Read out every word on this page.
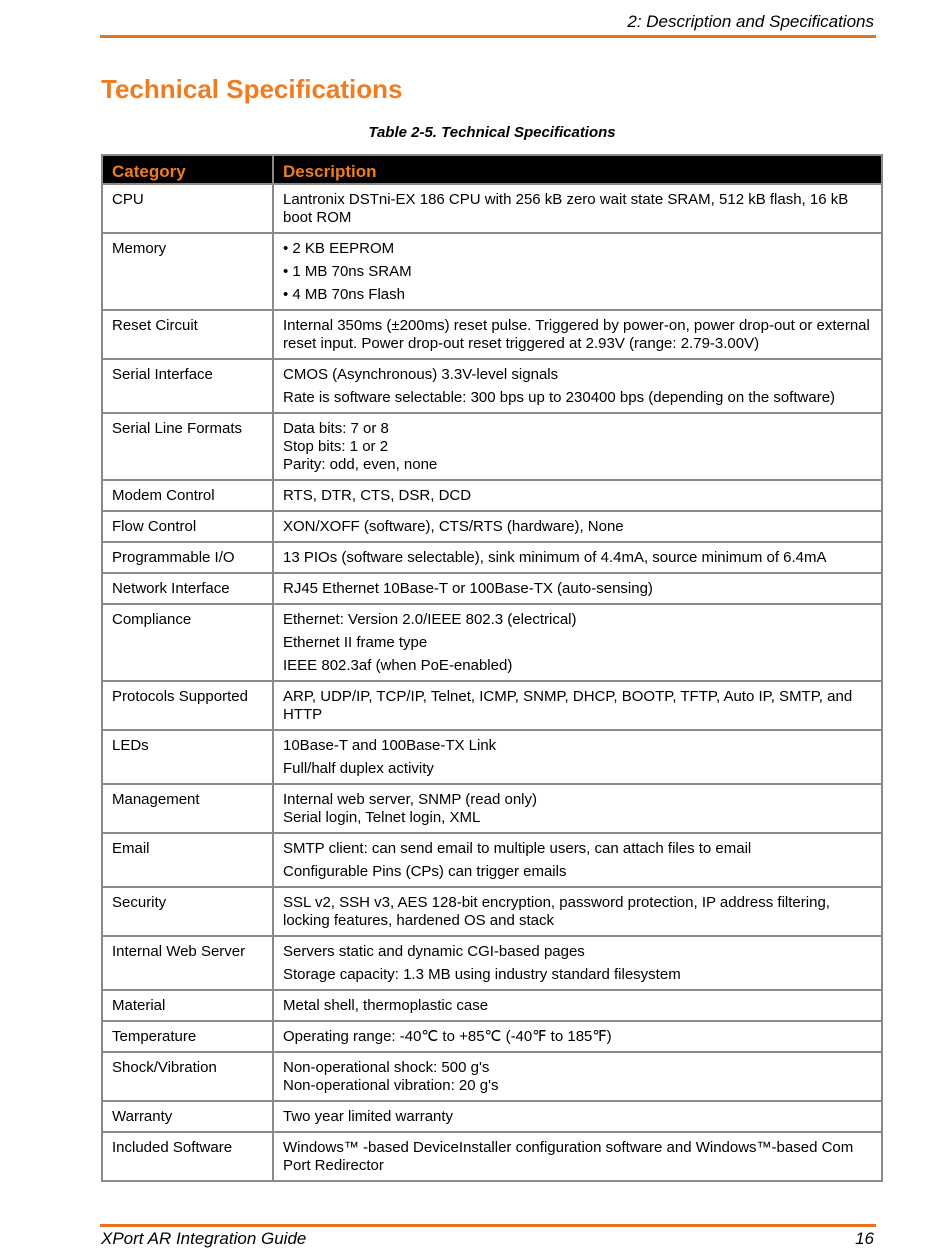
2: Description and Specifications
Technical Specifications
Table 2-5. Technical Specifications
Category	Description
CPU	Lantronix DSTni-EX 186 CPU with 256 kB zero wait state SRAM, 512 kB flash, 16 kB boot ROM

Memory	• 2 KB EEPROM
• 1 MB 70ns SRAM
• 4 MB 70ns Flash

Reset Circuit	Internal 350ms (±200ms) reset pulse. Triggered by power-on, power drop-out or external reset input. Power drop-out reset triggered at 2.93V (range: 2.79-3.00V)

Serial Interface	CMOS (Asynchronous) 3.3V-level signals
Rate is software selectable: 300 bps up to 230400 bps (depending on the software)

Serial Line Formats	Data bits: 7 or 8
Stop bits: 1 or 2
Parity: odd, even, none

Modem Control	RTS, DTR, CTS, DSR, DCD

Flow Control	XON/XOFF (software), CTS/RTS (hardware), None

Programmable I/O	13 PIOs (software selectable), sink minimum of 4.4mA, source minimum of 6.4mA

Network Interface	RJ45 Ethernet 10Base-T or 100Base-TX (auto-sensing)

Compliance	Ethernet: Version 2.0/IEEE 802.3 (electrical)
Ethernet II frame type
IEEE 802.3af (when PoE-enabled)

Protocols Supported	ARP, UDP/IP, TCP/IP, Telnet, ICMP, SNMP, DHCP, BOOTP, TFTP, Auto IP, SMTP, and HTTP

LEDs	10Base-T and 100Base-TX Link
Full/half duplex activity

Management	Internal web server, SNMP (read only)
Serial login, Telnet login, XML

Email	SMTP client: can send email to multiple users, can attach files to email
Configurable Pins (CPs) can trigger emails

Security	SSL v2, SSH v3, AES 128-bit encryption, password protection, IP address filtering, locking features, hardened OS and stack

Internal Web Server	Servers static and dynamic CGI-based pages
Storage capacity: 1.3 MB using industry standard filesystem

Material	Metal shell, thermoplastic case

Temperature	Operating range: -40℃ to +85℃ (-40℉ to 185℉)

Shock/Vibration	Non-operational shock: 500 g's
Non-operational vibration: 20 g's

Warranty	Two year limited warranty

Included Software	Windows™ -based DeviceInstaller configuration software and Windows™-based Com Port Redirector
XPort AR Integration Guide	16
